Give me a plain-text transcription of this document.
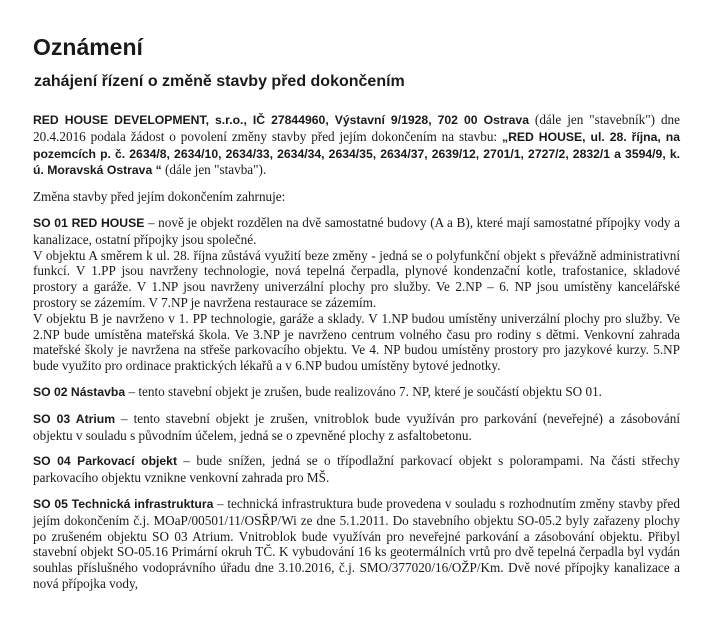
Oznámení
zahájení řízení o změně stavby před dokončením

RED HOUSE DEVELOPMENT, s.r.o., IČ 27844960, Výstavní 9/1928, 702 00 Ostrava (dále jen "stavebník") dne 20.4.2016 podala žádost o povolení změny stavby před jejím dokončením na stavbu: „RED HOUSE, ul. 28. října, na pozemcích p. č. 2634/8, 2634/10, 2634/33, 2634/34, 2634/35, 2634/37, 2639/12, 2701/1, 2727/2, 2832/1 a 3594/9, k. ú. Moravská Ostrava “ (dále jen "stavba").

Změna stavby před jejím dokončením zahrnuje:

SO 01 RED HOUSE – nově je objekt rozdělen na dvě samostatné budovy (A a B), které mají samostatné přípojky vody a kanalizace, ostatní přípojky jsou společné.
V objektu A směrem k ul. 28. října zůstává využití beze změny - jedná se o polyfunkční objekt s převážně administrativní funkcí. V 1.PP jsou navrženy technologie, nová tepelná čerpadla, plynové kondenzační kotle, trafostanice, skladové prostory a garáže. V 1.NP jsou navrženy univerzální plochy pro služby. Ve 2.NP – 6. NP jsou umístěny kancelářské prostory se zázemím. V 7.NP je navržena restaurace se zázemím.
V objektu B je navrženo v 1. PP technologie, garáže a sklady. V 1.NP budou umístěny univerzální plochy pro služby. Ve 2.NP bude umístěna mateřská škola. Ve 3.NP je navrženo centrum volného času pro rodiny s dětmi. Venkovní zahrada mateřské školy je navržena na střeše parkovacího objektu. Ve 4. NP budou umístěny prostory pro jazykové kurzy. 5.NP bude využito pro ordinace praktických lékařů a v 6.NP budou umístěny bytové jednotky.

SO 02 Nástavba – tento stavební objekt je zrušen, bude realizováno 7. NP, které je součástí objektu SO 01.

SO 03 Atrium – tento stavební objekt je zrušen, vnitroblok bude využíván pro parkování (neveřejné) a zásobování objektu v souladu s původním účelem, jedná se o zpevněné plochy z asfaltobetonu.

SO 04 Parkovací objekt – bude snížen, jedná se o třípodlažní parkovací objekt s polorampami. Na části střechy parkovacího objektu vznikne venkovní zahrada pro MŠ.

SO 05 Technická infrastruktura – technická infrastruktura bude provedena v souladu s rozhodnutím změny stavby před jejím dokončením č.j. MOaP/00501/11/OSŘP/Wi ze dne 5.1.2011. Do stavebního objektu SO-05.2 byly zařazeny plochy po zrušeném objektu SO 03 Atrium. Vnitroblok bude využíván pro neveřejné parkování a zásobování objektu. Přibyl stavební objekt SO-05.16 Primární okruh TČ. K vybudování 16 ks geotermálních vrtů pro dvě tepelná čerpadla byl vydán souhlas příslušného vodoprávního úřadu dne 3.10.2016, č.j. SMO/377020/16/OŽP/Km. Dvě nové přípojky kanalizace a nová přípojka vody,
